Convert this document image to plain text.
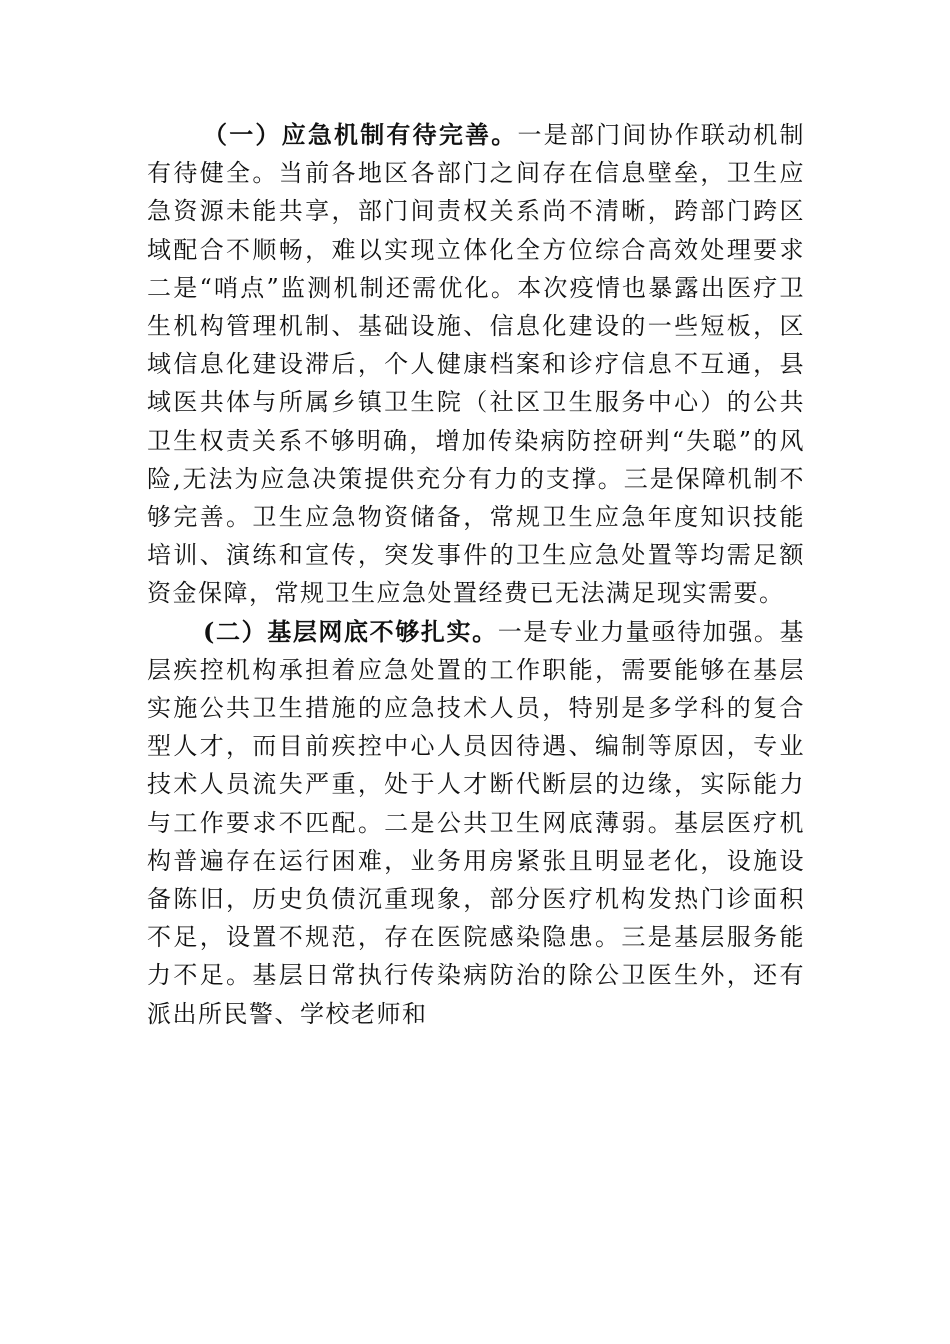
（一）应急机制有待完善。一是部门间协作联动机制有待健全。当前各地区各部门之间存在信息壁垒，卫生应急资源未能共享，部门间责权关系尚不清晰，跨部门跨区域配合不顺畅，难以实现立体化全方位综合高效处理要求二是“哨点”监测机制还需优化。本次疫情也暴露出医疗卫生机构管理机制、基础设施、信息化建设的一些短板，区域信息化建设滞后，个人健康档案和诊疗信息不互通，县域医共体与所属乡镇卫生院（社区卫生服务中心）的公共卫生权责关系不够明确，增加传染病防控研判“失聪”的风险,无法为应急决策提供充分有力的支撑。三是保障机制不够完善。卫生应急物资储备，常规卫生应急年度知识技能培训、演练和宣传，突发事件的卫生应急处置等均需足额资金保障，常规卫生应急处置经费已无法满足现实需要。

(二）基层网底不够扎实。一是专业力量亟待加强。基层疾控机构承担着应急处置的工作职能，需要能够在基层实施公共卫生措施的应急技术人员，特别是多学科的复合型人才，而目前疾控中心人员因待遇、编制等原因，专业技术人员流失严重，处于人才断代断层的边缘，实际能力与工作要求不匹配。二是公共卫生网底薄弱。基层医疗机构普遍存在运行困难，业务用房紧张且明显老化，设施设备陈旧，历史负债沉重现象，部分医疗机构发热门诊面积不足，设置不规范，存在医院感染隐患。三是基层服务能力不足。基层日常执行传染病防治的除公卫医生外，还有派出所民警、学校老师和
